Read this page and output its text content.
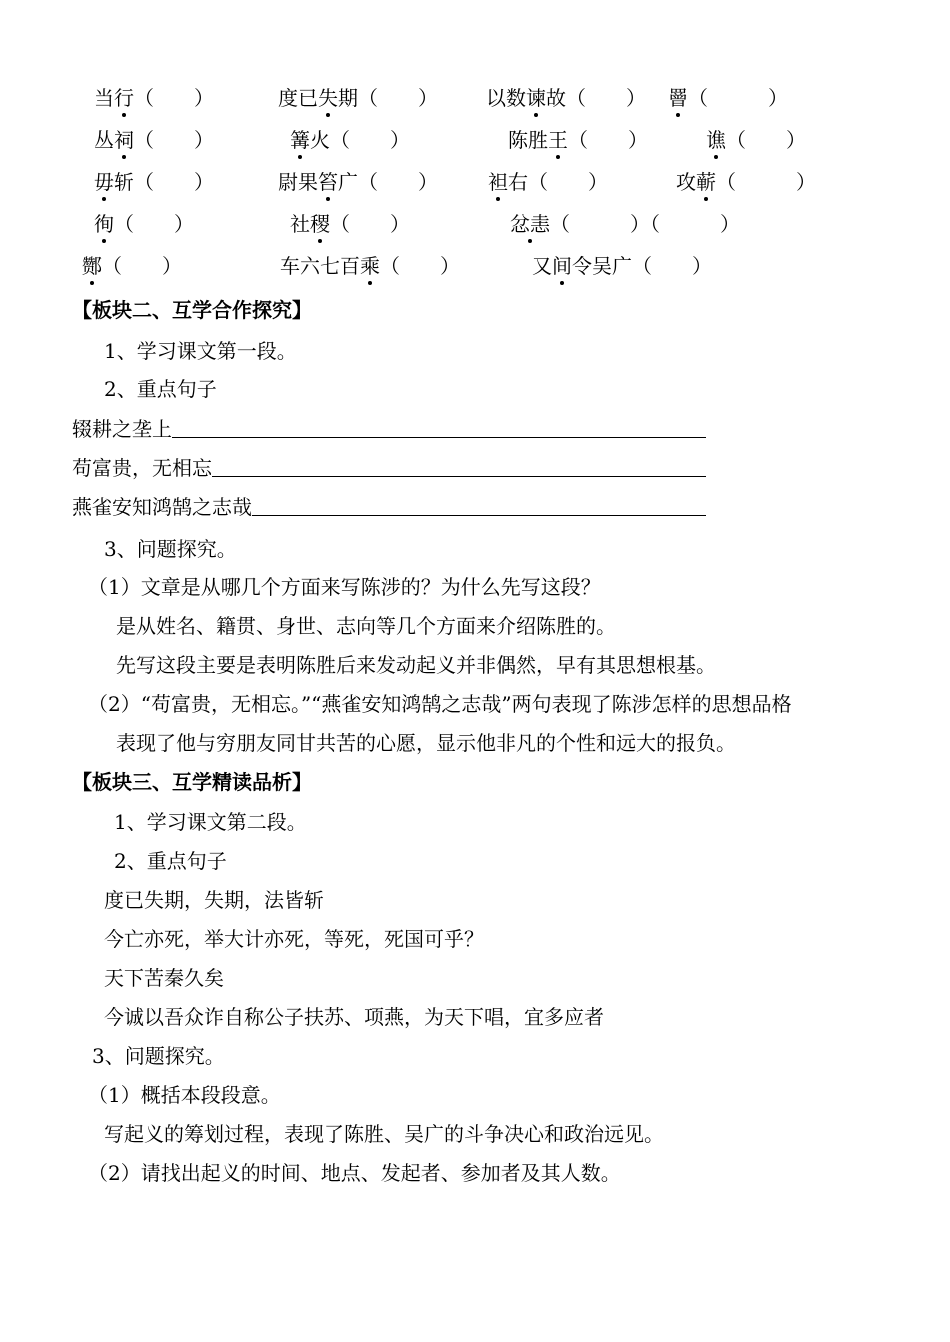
当行（　　）	度已失期（　　） 以数谏故（　　） 罾（　　　）
丛祠（　　）	篝火（　　）	陈胜王（　　）	谯（　　）
毋斩（　　）	尉果笞广（　　）	袒右（　　）	攻蕲（　　　）
徇（　　）	社稷（　　）	忿恚（　　　）（　　　）
酂（　　）	车六七百乘（　　）	又间令吴广（　　）
【板块二、互学合作探究】
1、学习课文第一段。
2、重点句子
辍耕之垄上
苟富贵，无相忘
燕雀安知鸿鹄之志哉
3、问题探究。
（1）文章是从哪几个方面来写陈涉的？为什么先写这段？
是从姓名、籍贯、身世、志向等几个方面来介绍陈胜的。
先写这段主要是表明陈胜后来发动起义并非偶然，早有其思想根基。
（2）“苟富贵，无相忘。”“燕雀安知鸿鹄之志哉”两句表现了陈涉怎样的思想品格
表现了他与穷朋友同甘共苦的心愿，显示他非凡的个性和远大的报负。
【板块三、互学精读品析】
1、学习课文第二段。
2、重点句子
度已失期，失期，法皆斩
今亡亦死，举大计亦死，等死，死国可乎？
天下苦秦久矣
今诚以吾众诈自称公子扶苏、项燕，为天下唱，宜多应者
3、问题探究。
（1）概括本段段意。
写起义的筹划过程，表现了陈胜、吴广的斗争决心和政治远见。
（2）请找出起义的时间、地点、发起者、参加者及其人数。
